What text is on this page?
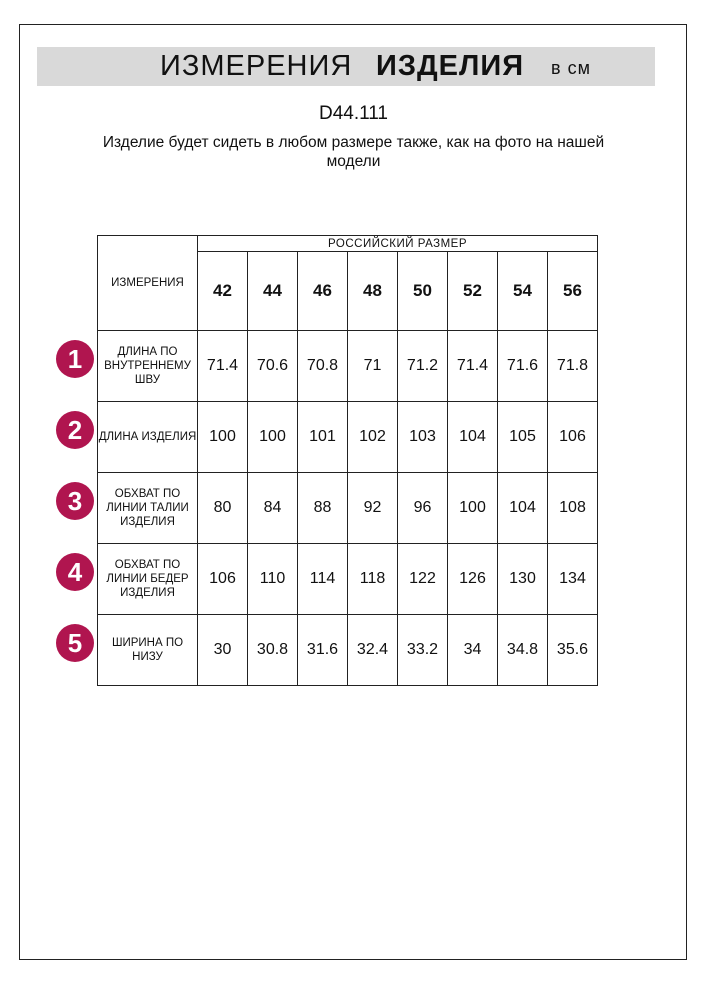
ИЗМЕРЕНИЯ ИЗДЕЛИЯ в см
D44.111
Изделие будет сидеть в любом размере также, как на фото на нашей модели
ИЗМЕРЕНИЯ	РОССИЙСКИЙ РАЗМЕР							
	42	44	46	48	50	52	54	56
ДЛИНА ПО ВНУТРЕННЕМУ ШВУ	71.4	70.6	70.8	71	71.2	71.4	71.6	71.8
ДЛИНА ИЗДЕЛИЯ	100	100	101	102	103	104	105	106
ОБХВАТ ПО ЛИНИИ ТАЛИИ ИЗДЕЛИЯ	80	84	88	92	96	100	104	108
ОБХВАТ ПО ЛИНИИ БЕДЕР ИЗДЕЛИЯ	106	110	114	118	122	126	130	134
ШИРИНА ПО НИЗУ	30	30.8	31.6	32.4	33.2	34	34.8	35.6
1
2
3
4
5
